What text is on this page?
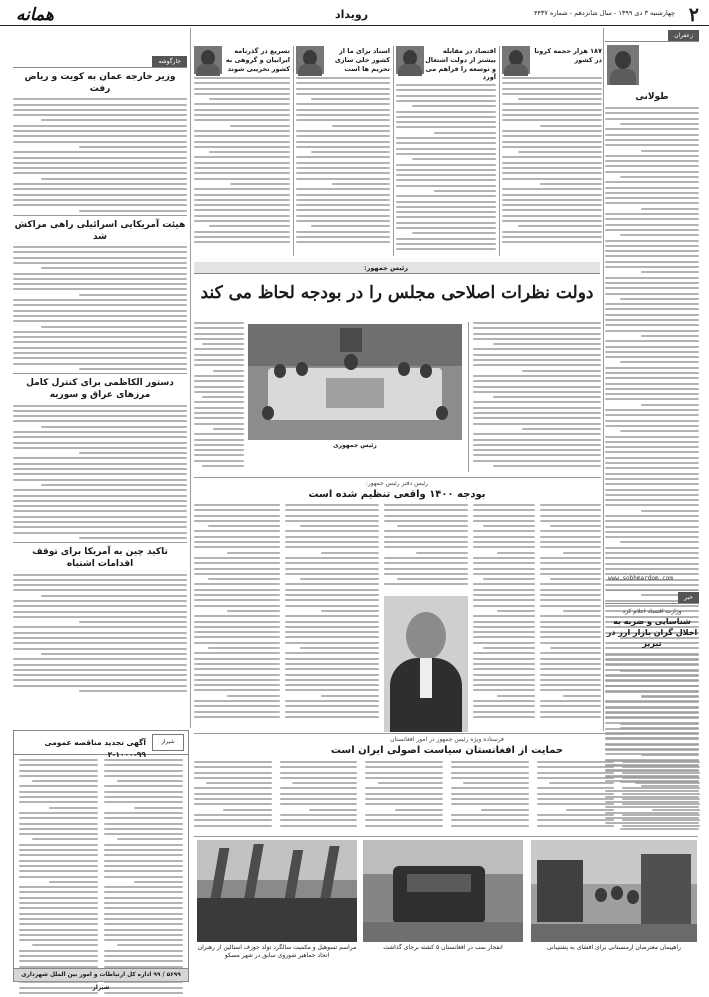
همانه	رویداد	چهارشنبه ۳ دی ۱۳۹۹ - سال شانزدهم - شماره ۴۴۳۷ ۲
زعفران
طولانی
www.sobhmardom.com
خبر
وزارت اقتصاد اعلام کرد
شناسایی و ضربه به اخلال گران بازار ارز در تبریز
۱۸۷ هزار حجمه کرونا در کشور
اقتصاد در مقابله بیشتر از دولت اشتغال و توسعه را فراهم می آورد
اسناد برای ما از کشور خلی سازی تحریم ها است
تسریع در گذرنامه ایرانیان و گروهی به کشور تخریبی شوند
جارگوشه
وزیر خارجه عمان به کویت و ریاض رفت
هیئت آمریکایی اسرائیلی راهی مراکش شد
دستور الکاظمی برای کنترل کامل مرزهای عراق و سوریه
تاکید چین به آمریکا برای توقف اقدامات اشتباه
آگهی تجدید مناقصه عمومی ۹۹-۱۰۰۰-۲
شیراز
۵۶۹۹ / ۹۹ اداره کل ارتباطات و امور بین الملل شهرداری شیراز
رئیس جمهور:
دولت نظرات اصلاحی مجلس را در بودجه لحاظ می کند
رئیس جمهوری
رئیس دفتر رئیس جمهور:
بودجه ۱۴۰۰ واقعی تنظیم شده است
فرستاده ویژه رئیس جمهور در امور افغانستان
حمایت از افغانستان سیاست اصولی ایران است
راهپیمان معترضان ارمنستانی برای افشای به پشتیبانی
انفجار بمب در افغانستان ۵ کشته برجای گذاشت
مراسم تسوهیل و مکمیت سالگرد تولد جوزف استالین از رهبران اتحاد جماهیر شوروی سابق در شهر مسکو
